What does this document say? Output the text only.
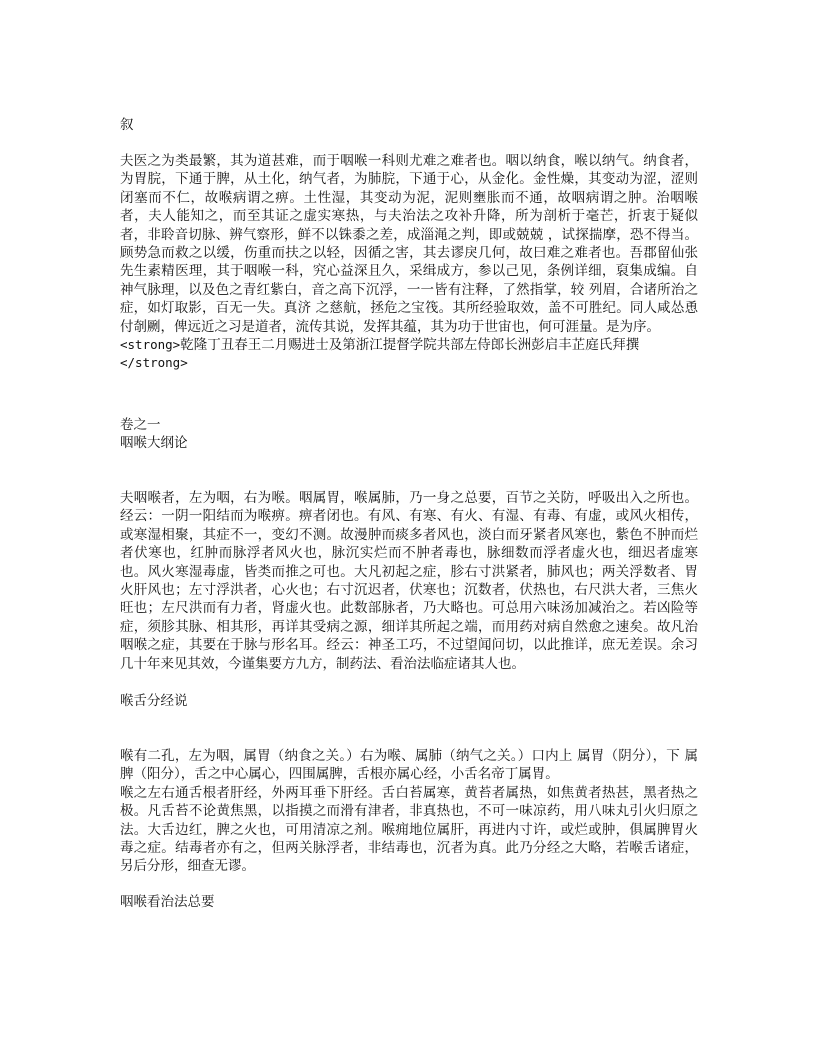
叙
夫医之为类最繁，其为道甚难，而于咽喉一科则尤难之难者也。咽以纳食，喉以纳气。纳食者，为胃脘，下通于脾，从土化，纳气者，为肺脘，下通于心，从金化。金性燥，其变动为涩，涩则闭塞而不仁，故喉病谓之痹。土性湿，其变动为泥，泥则壅胀而不通，故咽病谓之肿。治咽喉者，夫人能知之，而至其证之虚实寒热，与夫治法之攻补升降，所为剖析于毫芒，折衷于疑似者，非聆音切脉、辨气察形，鲜不以铢黍之差，成淄渑之判，即或兢兢 ，试探揣摩，恐不得当。顾势急而救之以缓，伤重而扶之以轻，因循之害，其去谬戾几何，故曰难之难者也。吾郡留仙张先生素精医理，其于咽喉一科，究心益深且久，采缉成方，参以己见，条例详细，裒集成编。自神气脉理，以及色之青红紫白，音之高下沉浮，一一皆有注释，了然指掌，较 列眉，合诸所治之症，如灯取影，百无一失。真济 之慈航，拯危之宝筏。其所经验取效，盖不可胜纪。同人咸怂恿付剞劂，俾远近之习是道者，流传其说，发挥其蕴，其为功于世宙也，何可涯量。是为序。
<strong>乾隆丁丑春王二月赐进士及第浙江提督学院共部左侍郎长洲彭启丰芷庭氏拜撰
</strong>
卷之一
咽喉大纲论
夫咽喉者，左为咽，右为喉。咽属胃，喉属肺，乃一身之总要，百节之关防，呼吸出入之所也。经云：一阴一阳结而为喉痹。痹者闭也。有风、有寒、有火、有湿、有毒、有虚，或风火相传，或寒湿相聚，其症不一，变幻不测。故漫肿而痰多者风也，淡白而牙紧者风寒也，紫色不肿而烂者伏寒也，红肿而脉浮者风火也，脉沉实烂而不肿者毒也，脉细数而浮者虚火也，细迟者虚寒也。风火寒湿毒虚，皆类而推之可也。大凡初起之症，胗右寸洪紧者，肺风也；两关浮数者、胃火肝风也；左寸浮洪者，心火也；右寸沉迟者，伏寒也；沉数者，伏热也，右尺洪大者，三焦火旺也；左尺洪而有力者，肾虚火也。此数部脉者，乃大略也。可总用六味汤加减治之。若凶险等症，须胗其脉、相其形，再详其受病之源，细详其所起之端，而用药对病自然愈之速矣。故凡治咽喉之症，其要在于脉与形名耳。经云：神圣工巧，不过望闻问切，以此推详，庶无差误。余习几十年来见其效，今谨集要方九方，制药法、看治法临症诸其人也。
喉舌分经说
喉有二孔，左为咽，属胃（纳食之关。）右为喉、属肺（纳气之关。）口内上 属胃（阴分），下 属脾（阳分），舌之中心属心，四围属脾，舌根亦属心经，小舌名帝丁属胃。
喉之左右通舌根者肝经，外两耳垂下肝经。舌白苔属寒，黄苔者属热，如焦黄者热甚，黑者热之极。凡舌苔不论黄焦黑，以指摸之而滑有津者，非真热也，不可一味凉药，用八味丸引火归原之法。大舌边红，脾之火也，可用清凉之剂。喉痈地位属肝，再进内寸许，或烂或肿，俱属脾胃火毒之症。结毒者亦有之，但两关脉浮者，非结毒也，沉者为真。此乃分经之大略，若喉舌诸症，另后分形，细查无谬。
咽喉看治法总要
